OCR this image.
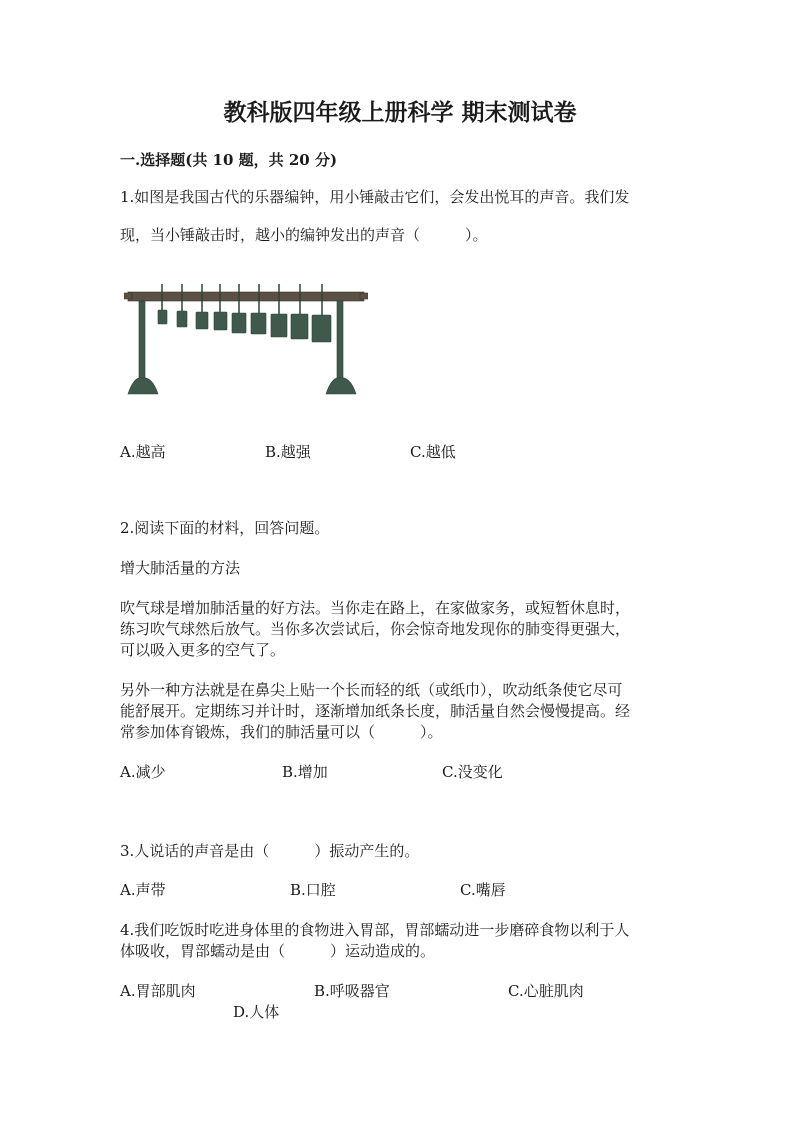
教科版四年级上册科学 期末测试卷
一.选择题(共 10 题，共 20 分)
1.如图是我国古代的乐器编钟，用小锤敲击它们，会发出悦耳的声音。我们发
现，当小锤敲击时，越小的编钟发出的声音（　　　）。
A.越高	B.越强	C.越低
2.阅读下面的材料，回答问题。
增大肺活量的方法
吹气球是增加肺活量的好方法。当你走在路上，在家做家务，或短暂休息时，
练习吹气球然后放气。当你多次尝试后，你会惊奇地发现你的肺变得更强大，
可以吸入更多的空气了。
另外一种方法就是在鼻尖上贴一个长而轻的纸（或纸巾），吹动纸条使它尽可
能舒展开。定期练习并计时，逐渐增加纸条长度，肺活量自然会慢慢提高。经
常参加体育锻炼，我们的肺活量可以（　　　）。
A.减少	B.增加	C.没变化
3.人说话的声音是由（　　　）振动产生的。
A.声带	B.口腔	C.嘴唇
4.我们吃饭时吃进身体里的食物进入胃部，胃部蠕动进一步磨碎食物以利于人
体吸收，胃部蠕动是由（　　　）运动造成的。
A.胃部肌肉	B.呼吸器官	C.心脏肌肉
D.人体
